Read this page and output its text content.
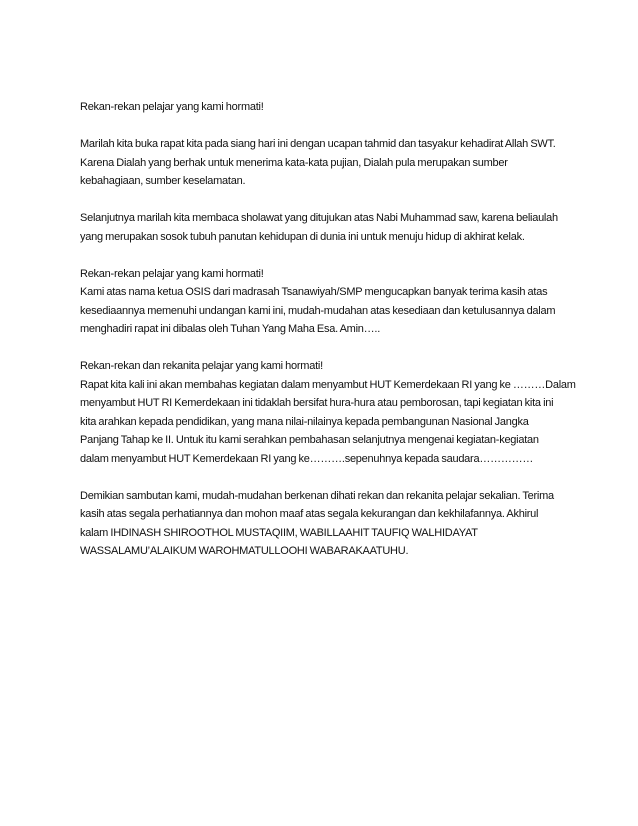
Rekan-rekan pelajar yang kami hormati!

Marilah kita buka rapat kita pada siang hari ini dengan ucapan tahmid dan tasyakur kehadirat Allah SWT.
Karena Dialah yang berhak untuk menerima kata-kata pujian, Dialah pula merupakan sumber
kebahagiaan, sumber keselamatan.

Selanjutnya marilah kita membaca sholawat yang ditujukan atas Nabi Muhammad saw, karena beliaulah
yang merupakan sosok tubuh panutan kehidupan di dunia ini untuk menuju hidup di akhirat kelak.

Rekan-rekan pelajar yang kami hormati!
Kami atas nama ketua OSIS dari madrasah Tsanawiyah/SMP mengucapkan banyak terima kasih atas
kesediaannya memenuhi undangan kami ini, mudah-mudahan atas kesediaan dan ketulusannya dalam
menghadiri rapat ini dibalas oleh Tuhan Yang Maha Esa. Amin…..

Rekan-rekan dan rekanita pelajar yang kami hormati!
Rapat kita kali ini akan membahas kegiatan dalam menyambut HUT Kemerdekaan RI yang ke ………Dalam
menyambut HUT RI Kemerdekaan ini tidaklah bersifat hura-hura atau pemborosan, tapi kegiatan kita ini
kita arahkan kepada pendidikan, yang mana nilai-nilainya kepada pembangunan Nasional Jangka
Panjang Tahap ke II. Untuk itu kami serahkan pembahasan selanjutnya mengenai kegiatan-kegiatan
dalam menyambut HUT Kemerdekaan RI yang ke……….sepenuhnya kepada saudara……………

Demikian sambutan kami, mudah-mudahan berkenan dihati rekan dan rekanita pelajar sekalian. Terima
kasih atas segala perhatiannya dan mohon maaf atas segala kekurangan dan kekhilafannya. Akhirul
kalam IHDINASH SHIROOTHOL MUSTAQIIM, WABILLAAHIT TAUFIQ WALHIDAYAT
WASSALAMU’ALAIKUM WAROHMATULLOOHI WABARAKAATUHU.
